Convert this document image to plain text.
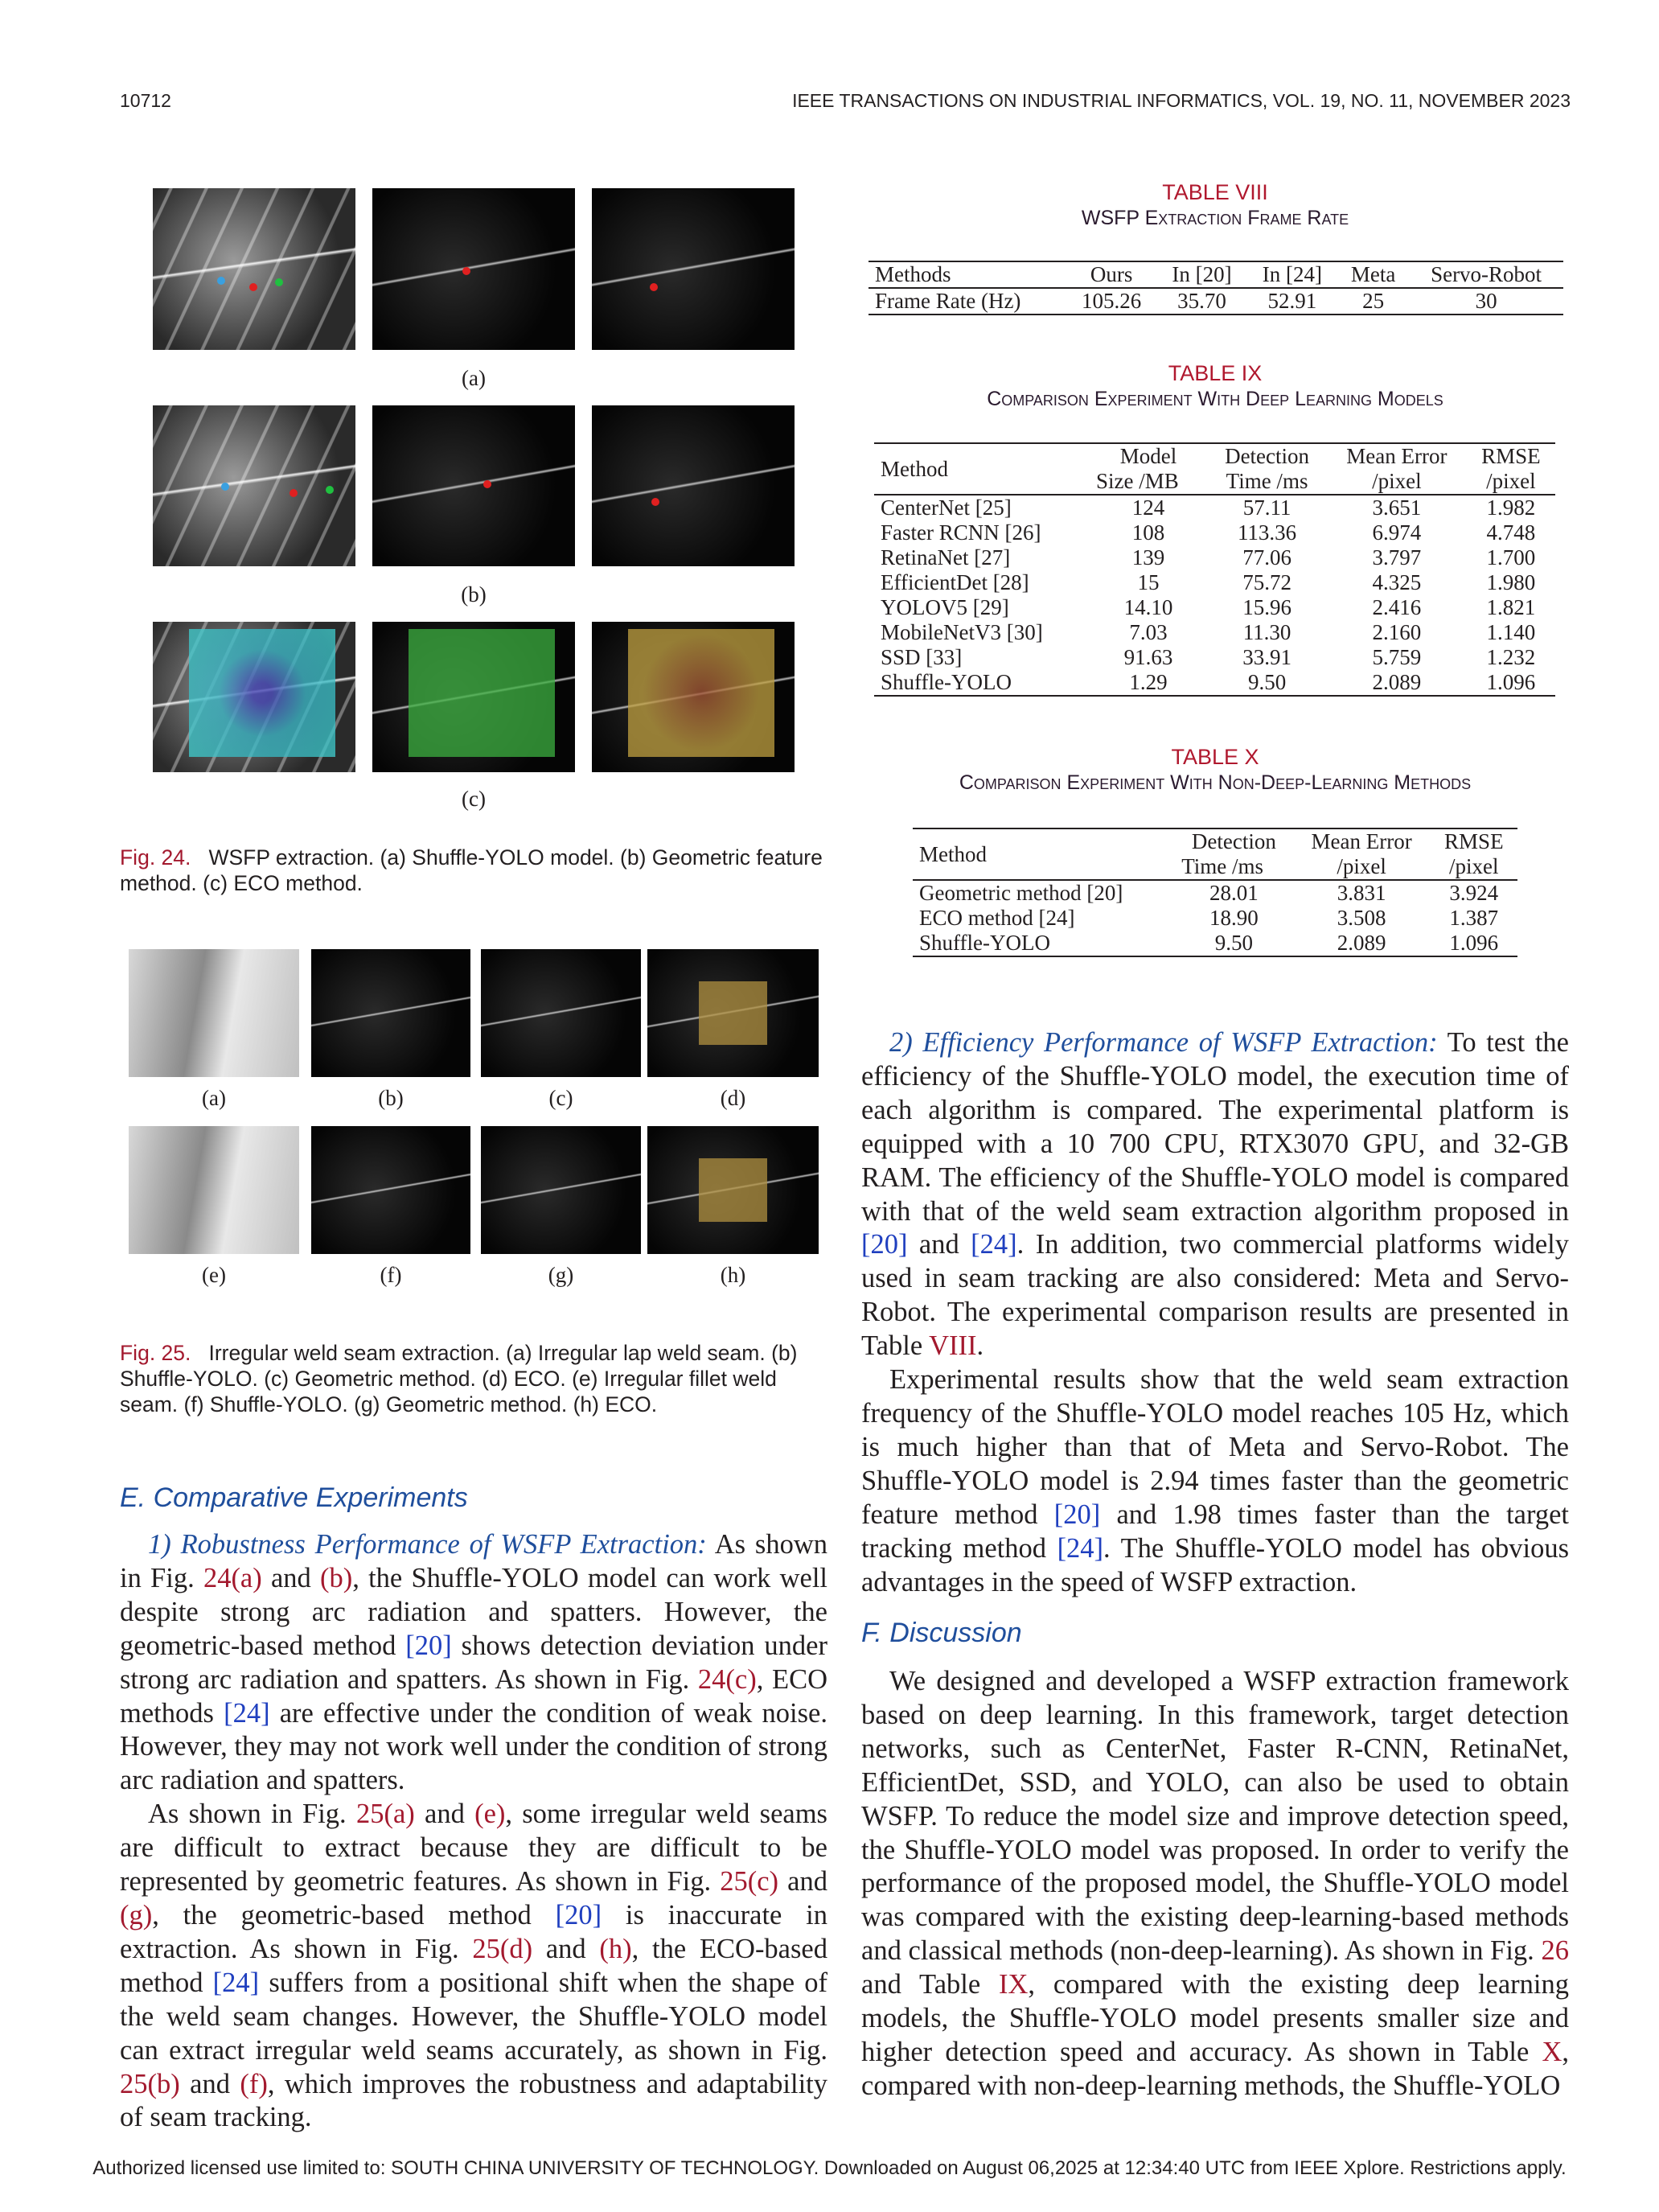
10712	IEEE TRANSACTIONS ON INDUSTRIAL INFORMATICS, VOL. 19, NO. 11, NOVEMBER 2023
(a)
(b)
(c)
Fig. 24. WSFP extraction. (a) Shuffle-YOLO model. (b) Geometric feature method. (c) ECO method.
(a)	(b)	(c)	(d)
(e)	(f)	(g)	(h)
Fig. 25. Irregular weld seam extraction. (a) Irregular lap weld seam. (b) Shuffle-YOLO. (c) Geometric method. (d) ECO. (e) Irregular fillet weld seam. (f) Shuffle-YOLO. (g) Geometric method. (h) ECO.
E. Comparative Experiments

1) Robustness Performance of WSFP Extraction: As shown in Fig. 24(a) and (b), the Shuffle-YOLO model can work well despite strong arc radiation and spatters. However, the geometric-based method [20] shows detection deviation under strong arc radiation and spatters. As shown in Fig. 24(c), ECO methods [24] are effective under the condition of weak noise. However, they may not work well under the condition of strong arc radiation and spatters.

As shown in Fig. 25(a) and (e), some irregular weld seams are difficult to extract because they are difficult to be represented by geometric features. As shown in Fig. 25(c) and (g), the geometric-based method [20] is inaccurate in extraction. As shown in Fig. 25(d) and (h), the ECO-based method [24] suffers from a positional shift when the shape of the weld seam changes. However, the Shuffle-YOLO model can extract irregular weld seams accurately, as shown in Fig. 25(b) and (f), which improves the robustness and adaptability of seam tracking.

TABLE VIII
WSFP Extraction Frame Rate
Methods	Ours	In [20]	In [24]	Meta	Servo-Robot
Frame Rate (Hz)	105.26	35.70	52.91	25	30
TABLE IX
Comparison Experiment With Deep Learning Models
Method	Model	Detection	Mean Error	RMSE
	Size /MB	Time /ms	/pixel	/pixel
CenterNet [25]	124	57.11	3.651	1.982
Faster RCNN [26]	108	113.36	6.974	4.748
RetinaNet [27]	139	77.06	3.797	1.700
EfficientDet [28]	15	75.72	4.325	1.980
YOLOV5 [29]	14.10	15.96	2.416	1.821
MobileNetV3 [30]	7.03	11.30	2.160	1.140
SSD [33]	91.63	33.91	5.759	1.232
Shuffle-YOLO	1.29	9.50	2.089	1.096
TABLE X
Comparison Experiment With Non-Deep-Learning Methods
Method	Detection	Mean Error	RMSE
	Time /ms	/pixel	/pixel
Geometric method [20]	28.01	3.831	3.924
ECO method [24]	18.90	3.508	1.387
Shuffle-YOLO	9.50	2.089	1.096

2) Efficiency Performance of WSFP Extraction: To test the efficiency of the Shuffle-YOLO model, the execution time of each algorithm is compared. The experimental platform is equipped with a 10 700 CPU, RTX3070 GPU, and 32-GB RAM. The efficiency of the Shuffle-YOLO model is compared with that of the weld seam extraction algorithm proposed in [20] and [24]. In addition, two commercial platforms widely used in seam tracking are also considered: Meta and Servo-Robot. The experimental comparison results are presented in Table VIII.

Experimental results show that the weld seam extraction frequency of the Shuffle-YOLO model reaches 105 Hz, which is much higher than that of Meta and Servo-Robot. The Shuffle-YOLO model is 2.94 times faster than the geometric feature method [20] and 1.98 times faster than the target tracking method [24]. The Shuffle-YOLO model has obvious advantages in the speed of WSFP extraction.

F. Discussion

We designed and developed a WSFP extraction framework based on deep learning. In this framework, target detection networks, such as CenterNet, Faster R-CNN, RetinaNet, EfficientDet, SSD, and YOLO, can also be used to obtain WSFP. To reduce the model size and improve detection speed, the Shuffle-YOLO model was proposed. In order to verify the performance of the proposed model, the Shuffle-YOLO model was compared with the existing deep-learning-based methods and classical methods (non-deep-learning). As shown in Fig. 26 and Table IX, compared with the existing deep learning models, the Shuffle-YOLO model presents smaller size and higher detection speed and accuracy. As shown in Table X, compared with non-deep-learning methods, the Shuffle-YOLO

Authorized licensed use limited to: SOUTH CHINA UNIVERSITY OF TECHNOLOGY. Downloaded on August 06,2025 at 12:34:40 UTC from IEEE Xplore. Restrictions apply.
